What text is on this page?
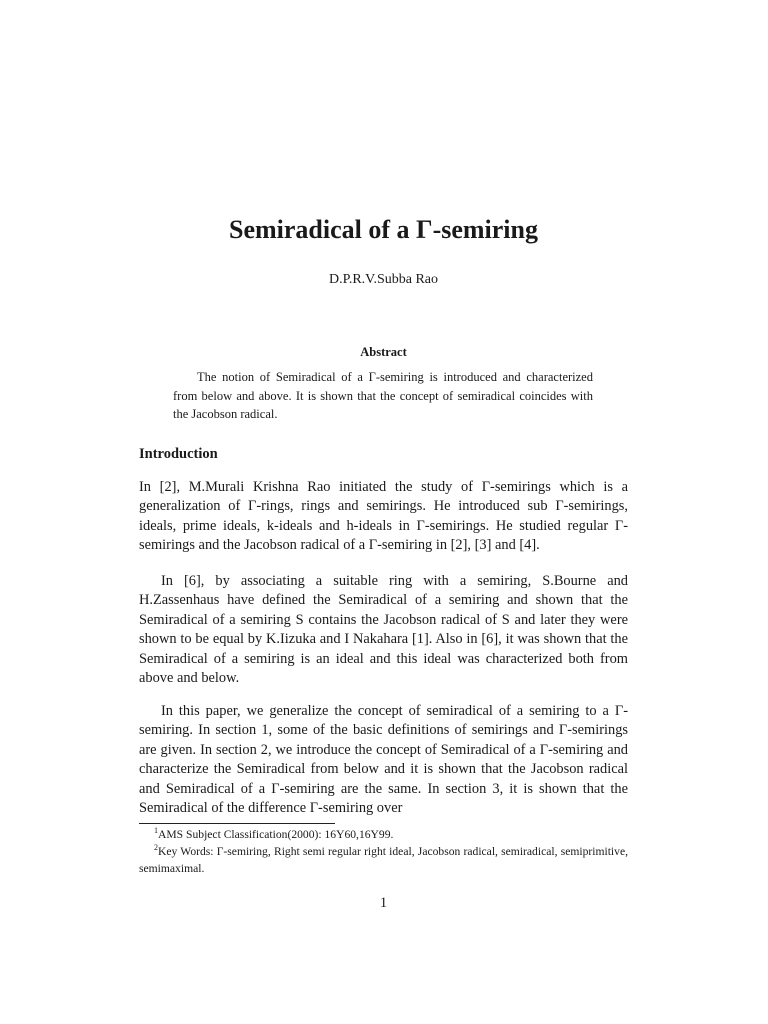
Semiradical of a Γ-semiring
D.P.R.V.Subba Rao
Abstract

The notion of Semiradical of a Γ-semiring is introduced and characterized from below and above. It is shown that the concept of semiradical coincides with the Jacobson radical.

Introduction

In [2], M.Murali Krishna Rao initiated the study of Γ-semirings which is a generalization of Γ-rings, rings and semirings. He introduced sub Γ-semirings, ideals, prime ideals, k-ideals and h-ideals in Γ-semirings. He studied regular Γ-semirings and the Jacobson radical of a Γ-semiring in [2], [3] and [4].

In [6], by associating a suitable ring with a semiring, S.Bourne and H.Zassenhaus have defined the Semiradical of a semiring and shown that the Semiradical of a semiring S contains the Jacobson radical of S and later they were shown to be equal by K.Iizuka and I Nakahara [1]. Also in [6], it was shown that the Semiradical of a semiring is an ideal and this ideal was characterized both from above and below.

In this paper, we generalize the concept of semiradical of a semiring to a Γ-semiring. In section 1, some of the basic definitions of semirings and Γ-semirings are given. In section 2, we introduce the concept of Semiradical of a Γ-semiring and characterize the Semiradical from below and it is shown that the Jacobson radical and Semiradical of a Γ-semiring are the same. In section 3, it is shown that the Semiradical of the difference Γ-semiring over

$^1$AMS Subject Classification(2000): 16Y60,16Y99.

$^2$Key Words: Γ-semiring, Right semi regular right ideal, Jacobson radical, semiradical, semiprimitive, semimaximal.

1
